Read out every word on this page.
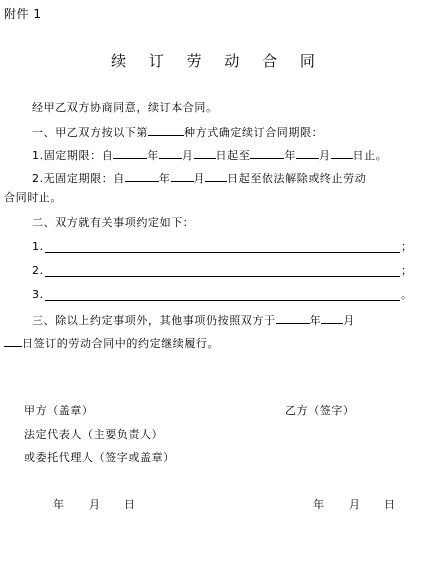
附件 1
续 订 劳 动 合 同
经甲乙双方协商同意，续订本合同。
一、甲乙双方按以下第	种方式确定续订合同期限：
1.固定期限：自	年 月 日起至	年 月 日止。
2.无固定期限：自	年 月 日起至依法解除或终止劳动
合同时止。
二、双方就有关事项约定如下：
1.	；
2.	；
3.	。
三、除以上约定事项外，其他事项仍按照双方于	年 月
日签订的劳动合同中的约定继续履行。
甲方（盖章）	乙方（签字）
法定代表人（主要负责人）
或委托代理人（签字或盖章）
年 月 日	年 月 日
